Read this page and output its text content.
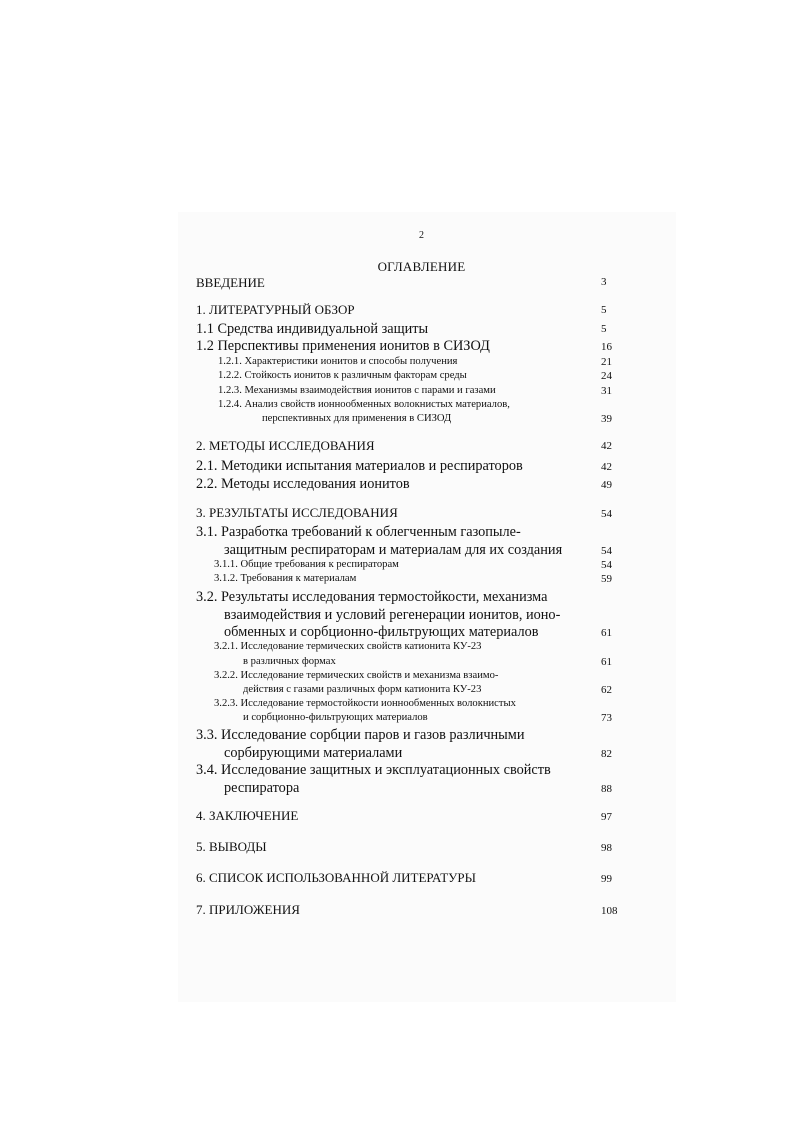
2
ОГЛАВЛЕНИЕ
ВВЕДЕНИЕ	3
1. ЛИТЕРАТУРНЫЙ ОБЗОР	5
1.1 Средства индивидуальной защиты	5
1.2 Перспективы применения ионитов в СИЗОД	16
1.2.1. Характеристики ионитов и способы получения	21
1.2.2. Стойкость ионитов к различным факторам среды	24
1.2.3. Механизмы взаимодействия ионитов с парами и газами	31
1.2.4. Анализ свойств ионнообменных волокнистых материалов,
перспективных для применения в СИЗОД	39
2. МЕТОДЫ ИССЛЕДОВАНИЯ	42
2.1. Методики испытания материалов и респираторов	42
2.2. Методы исследования ионитов	49
3. РЕЗУЛЬТАТЫ ИССЛЕДОВАНИЯ	54
3.1. Разработка требований к облегченным газопыле-
защитным респираторам и материалам для их создания	54
3.1.1. Общие требования к респираторам	54
3.1.2. Требования к материалам	59
3.2. Результаты исследования термостойкости, механизма
взаимодействия и условий регенерации ионитов, ионо-
обменных и сорбционно-фильтрующих материалов	61
3.2.1. Исследование термических свойств катионита КУ-23
в различных формах	61
3.2.2. Исследование термических свойств и механизма взаимо-
действия с газами различных форм катионита КУ-23	62
3.2.3. Исследование термостойкости ионнообменных волокнистых
и сорбционно-фильтрующих материалов	73
3.3. Исследование сорбции паров и газов различными
сорбирующими материалами	82
3.4. Исследование защитных и эксплуатационных свойств
респиратора	88
4. ЗАКЛЮЧЕНИЕ	97
5. ВЫВОДЫ	98
6. СПИСОК ИСПОЛЬЗОВАННОЙ ЛИТЕРАТУРЫ	99
7. ПРИЛОЖЕНИЯ	108
